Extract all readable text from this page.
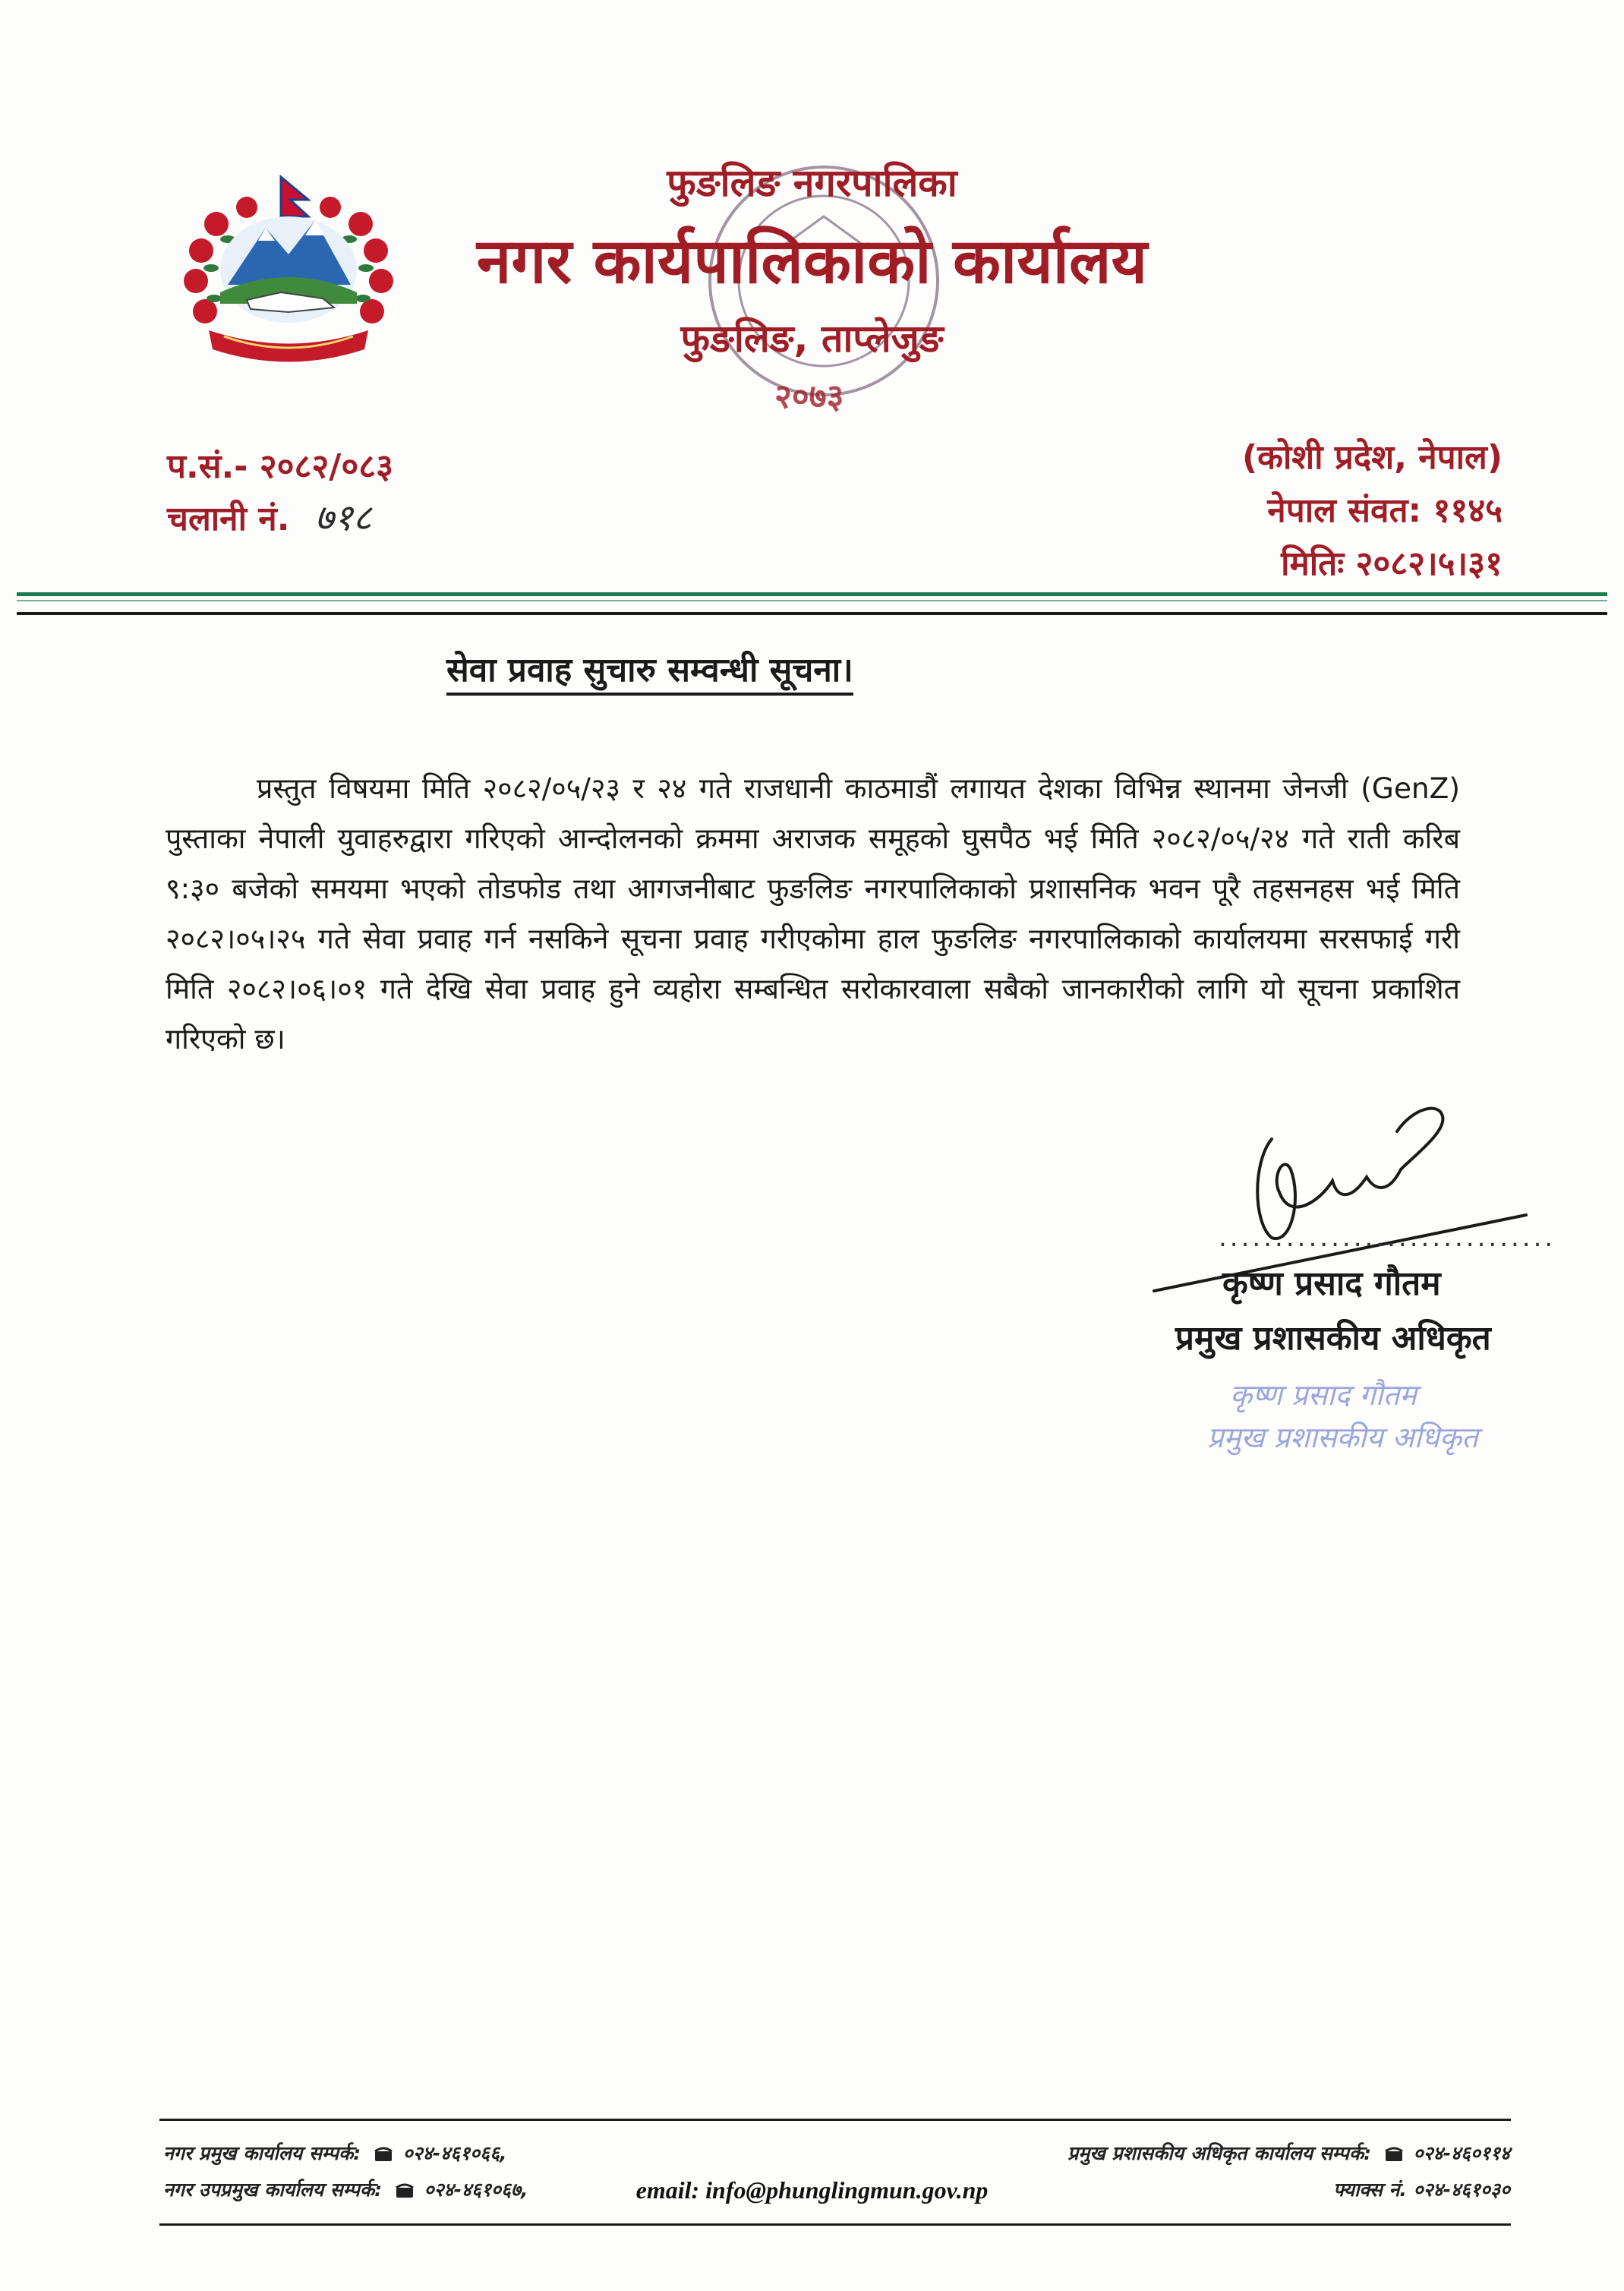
फुङलिङ नगरपालिका
नगर कार्यपालिकाको कार्यालय
फुङलिङ, ताप्लेजुङ
२०७३
प.सं.- २०८२/०८३
चलानी नं. ७१८
(कोशी प्रदेश, नेपाल)
नेपाल संवत: ११४५
मितिः २०८२।५।३१
सेवा प्रवाह सुचारु सम्वन्धी सूचना।
प्रस्तुत विषयमा मिति २०८२/०५/२३ र २४ गते राजधानी काठमाडौं लगायत देशका विभिन्न स्थानमा जेनजी (GenZ) पुस्ताका नेपाली युवाहरुद्वारा गरिएको आन्दोलनको क्रममा अराजक समूहको घुसपैठ भई मिति २०८२/०५/२४ गते राती करिब ९:३० बजेको समयमा भएको तोडफोड तथा आगजनीबाट फुङलिङ नगरपालिकाको प्रशासनिक भवन पूरै तहसनहस भई मिति २०८२।०५।२५ गते सेवा प्रवाह गर्न नसकिने सूचना प्रवाह गरीएकोमा हाल फुङलिङ नगरपालिकाको कार्यालयमा सरसफाई गरी मिति २०८२।०६।०१ गते देखि सेवा प्रवाह हुने व्यहोरा सम्बन्धित सरोकारवाला सबैको जानकारीको लागि यो सूचना प्रकाशित गरिएको छ।
..............................
कृष्ण प्रसाद गौतम
प्रमुख प्रशासकीय अधिकृत
कृष्ण प्रसाद गौतम
प्रमुख प्रशासकीय अधिकृत
नगर प्रमुख कार्यालय सम्पर्क: ०२४-४६१०६६,
नगर उपप्रमुख कार्यालय सम्पर्क: ०२४-४६१०६७,	email: info@phunglingmun.gov.np
प्रमुख प्रशासकीय अधिकृत कार्यालय सम्पर्क: ०२४-४६०११४
फ्याक्स नं. ०२४-४६१०३०
